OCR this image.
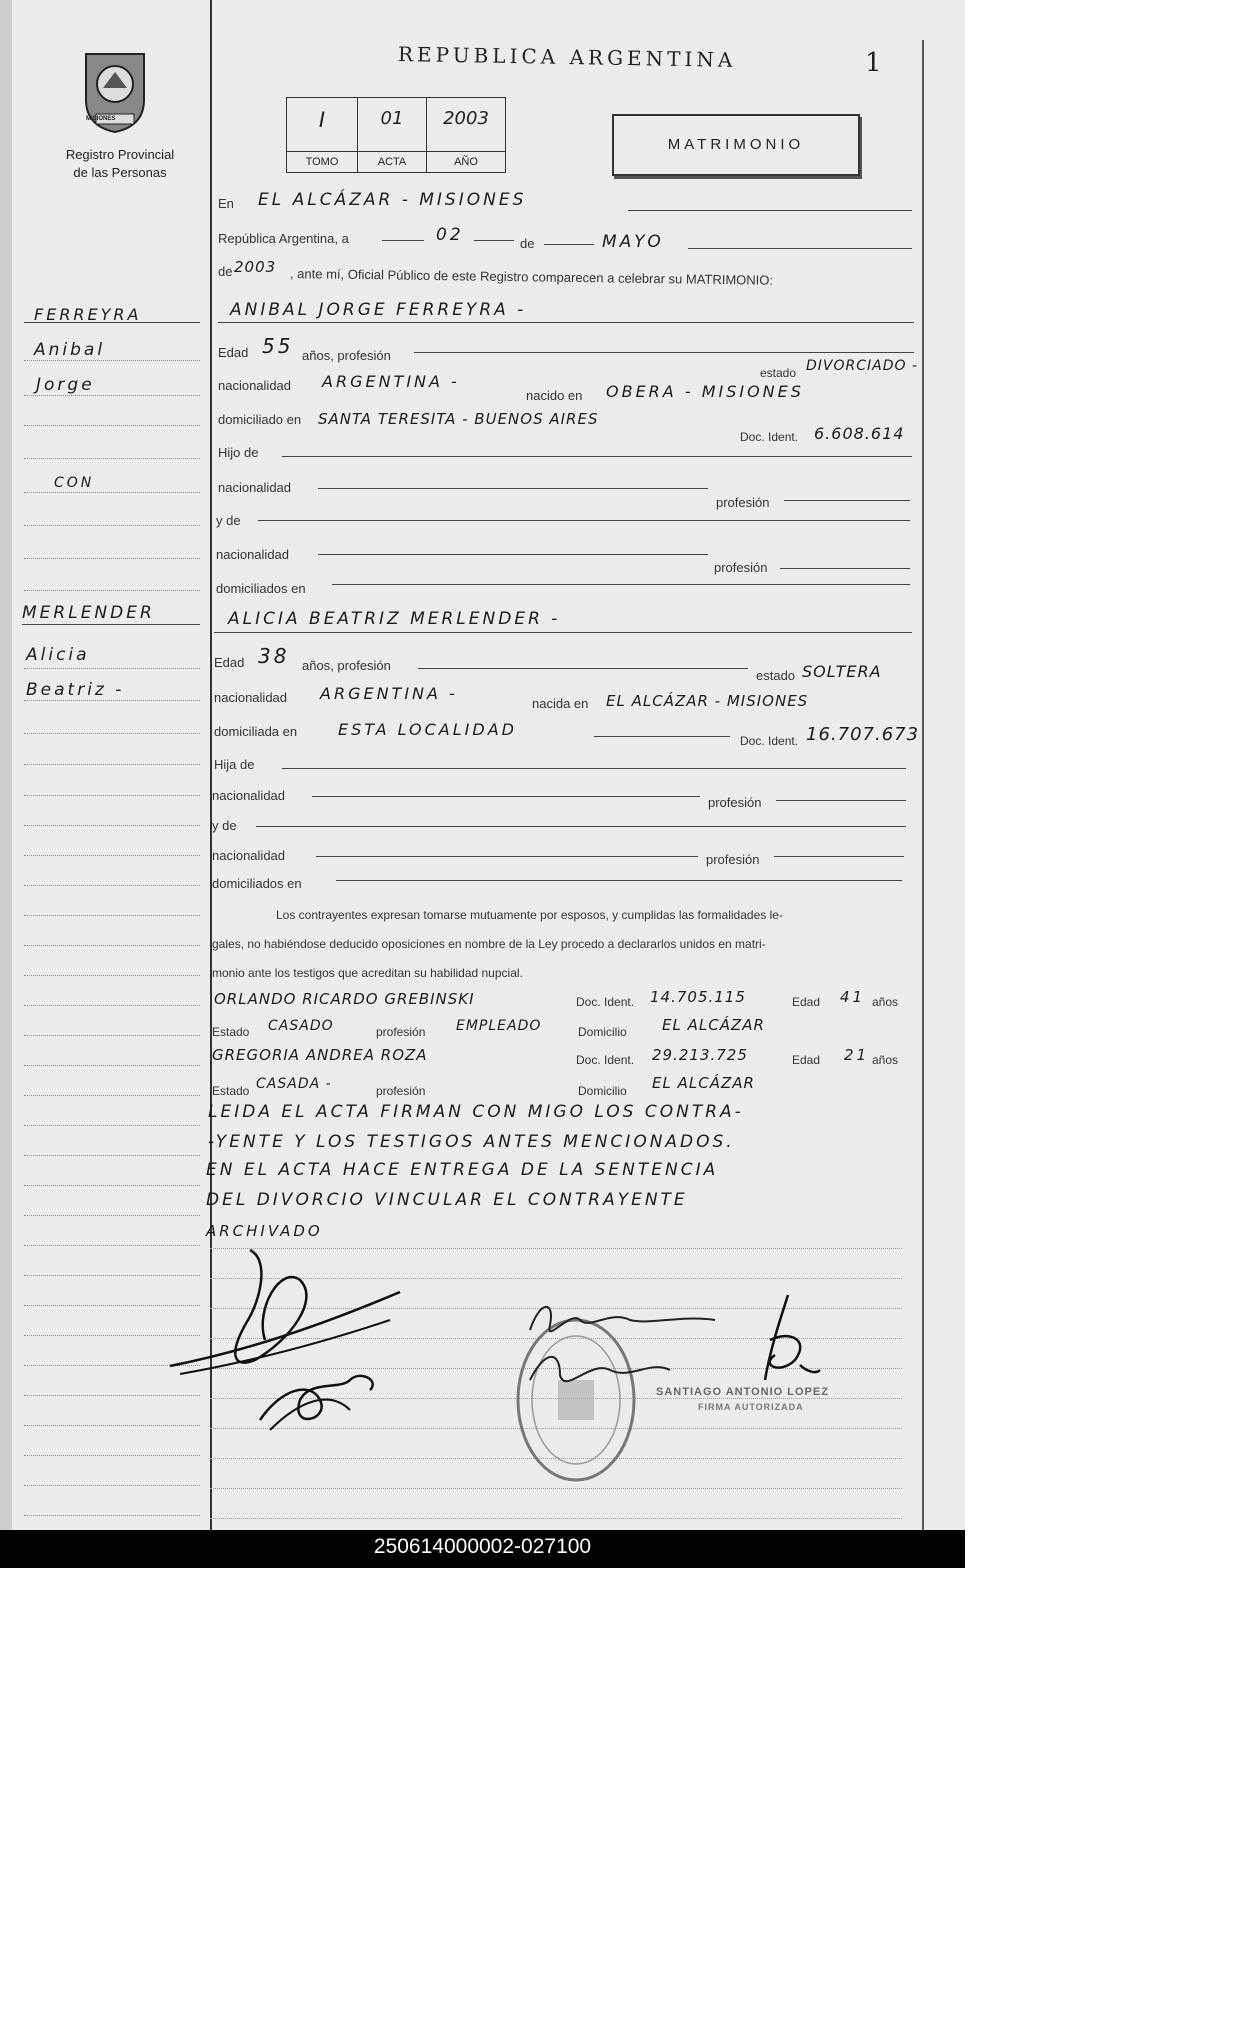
MISIONES
Registro Provincial
de las Personas
REPUBLICA ARGENTINA	1
I
TOMO
01
ACTA
2003
AÑO
MATRIMONIO
En EL ALCÁZAR - MISIONES
República Argentina, a	02	de	MAYO
de 2003 , ante mí, Oficial Público de este Registro comparecen a celebrar su MATRIMONIO:
FERREYRA
Anibal
Jorge
CON
MERLENDER
Alicia
Beatriz -
ANIBAL JORGE FERREYRA -
Edad 55 años, profesión
estado DIVORCIADO -
nacionalidad ARGENTINA -
nacido en OBERA - MISIONES
domiciliado en SANTA TERESITA - BUENOS AIRES
Doc. Ident. 6.608.614
Hijo de
nacionalidad
profesión
y de
nacionalidad
profesión
domiciliados en
ALICIA BEATRIZ MERLENDER -
Edad 38 años, profesión
estado SOLTERA
nacionalidad ARGENTINA -
nacida en EL ALCÁZAR - MISIONES
domiciliada en	ESTA LOCALIDAD
Doc. Ident. 16.707.673
Hija de
nacionalidad	profesión
y de
nacionalidad	profesión
domiciliados en
Los contrayentes expresan tomarse mutuamente por esposos, y cumplidas las formalidades le-
gales, no habiéndose deducido oposiciones en nombre de la Ley procedo a declararlos unidos en matri-
monio ante los testigos que acreditan su habilidad nupcial.
ORLANDO RICARDO GREBINSKI	Doc. Ident. 14.705.115	Edad 41 años
Estado CASADO	profesión EMPLEADO	Domicilio EL ALCÁZAR
GREGORIA ANDREA ROZA	Doc. Ident. 29.213.725	Edad 21 años
Estado CASADA -	profesión	Domicilio EL ALCÁZAR
LEIDA EL ACTA FIRMAN CON MIGO LOS CONTRA-
-YENTE Y LOS TESTIGOS ANTES MENCIONADOS.
EN EL ACTA HACE ENTREGA DE LA SENTENCIA
DEL DIVORCIO VINCULAR EL CONTRAYENTE
ARCHIVADO
SANTIAGO ANTONIO LOPEZ
FIRMA AUTORIZADA
250614000002-027100
